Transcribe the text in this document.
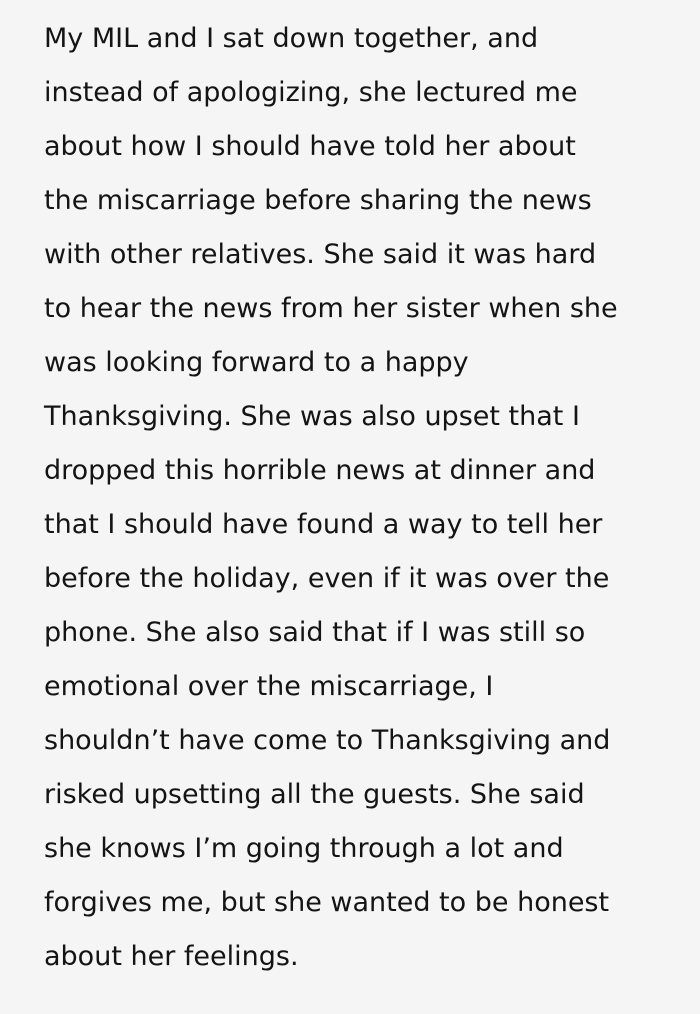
My MIL and I sat down together, and
instead of apologizing, she lectured me
about how I should have told her about
the miscarriage before sharing the news
with other relatives. She said it was hard
to hear the news from her sister when she
was looking forward to a happy
Thanksgiving. She was also upset that I
dropped this horrible news at dinner and
that I should have found a way to tell her
before the holiday, even if it was over the
phone. She also said that if I was still so
emotional over the miscarriage, I
shouldn’t have come to Thanksgiving and
risked upsetting all the guests. She said
she knows I’m going through a lot and
forgives me, but she wanted to be honest
about her feelings.
